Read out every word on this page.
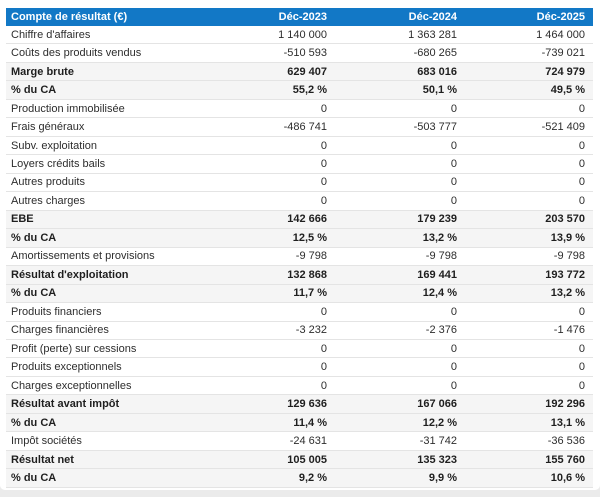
Compte de résultat (€)	Déc-2023	Déc-2024	Déc-2025
Chiffre d'affaires	1 140 000	1 363 281	1 464 000
Coûts des produits vendus	-510 593	-680 265	-739 021
Marge brute	629 407	683 016	724 979
% du CA	55,2 %	50,1 %	49,5 %
Production immobilisée	0	0	0
Frais généraux	-486 741	-503 777	-521 409
Subv. exploitation	0	0	0
Loyers crédits bails	0	0	0
Autres produits	0	0	0
Autres charges	0	0	0
EBE	142 666	179 239	203 570
% du CA	12,5 %	13,2 %	13,9 %
Amortissements et provisions	-9 798	-9 798	-9 798
Résultat d'exploitation	132 868	169 441	193 772
% du CA	11,7 %	12,4 %	13,2 %
Produits financiers	0	0	0
Charges financières	-3 232	-2 376	-1 476
Profit (perte) sur cessions	0	0	0
Produits exceptionnels	0	0	0
Charges exceptionnelles	0	0	0
Résultat avant impôt	129 636	167 066	192 296
% du CA	11,4 %	12,2 %	13,1 %
Impôt sociétés	-24 631	-31 742	-36 536
Résultat net	105 005	135 323	155 760
% du CA	9,2 %	9,9 %	10,6 %
